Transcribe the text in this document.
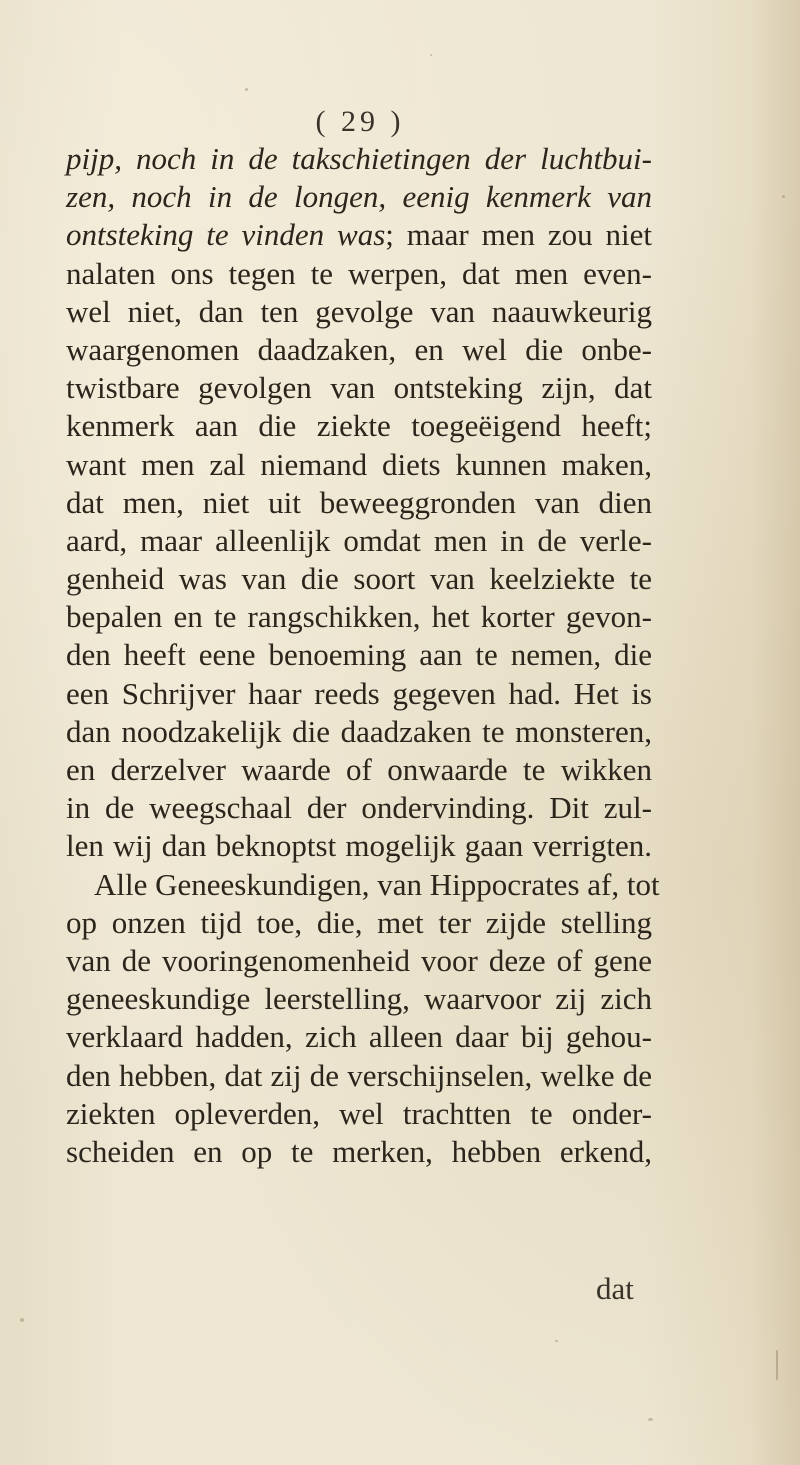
( 29 )
pijp, noch in de takschietingen der luchtbui-
zen, noch in de longen, eenig kenmerk van
ontsteking te vinden was; maar men zou niet
nalaten ons tegen te werpen, dat men even-
wel niet, dan ten gevolge van naauwkeurig
waargenomen daadzaken, en wel die onbe-
twistbare gevolgen van ontsteking zijn, dat
kenmerk aan die ziekte toegeëigend heeft;
want men zal niemand diets kunnen maken,
dat men, niet uit beweeggronden van dien
aard, maar alleenlijk omdat men in de verle-
genheid was van die soort van keelziekte te
bepalen en te rangschikken, het korter gevon-
den heeft eene benoeming aan te nemen, die
een Schrijver haar reeds gegeven had. Het is
dan noodzakelijk die daadzaken te monsteren,
en derzelver waarde of onwaarde te wikken
in de weegschaal der ondervinding. Dit zul-
len wij dan beknoptst mogelijk gaan verrigten.
Alle Geneeskundigen, van Hippocrates af, tot
op onzen tijd toe, die, met ter zijde stelling
van de vooringenomenheid voor deze of gene
geneeskundige leerstelling, waarvoor zij zich
verklaard hadden, zich alleen daar bij gehou-
den hebben, dat zij de verschijnselen, welke de
ziekten opleverden, wel trachtten te onder-
scheiden en op te merken, hebben erkend,
dat
